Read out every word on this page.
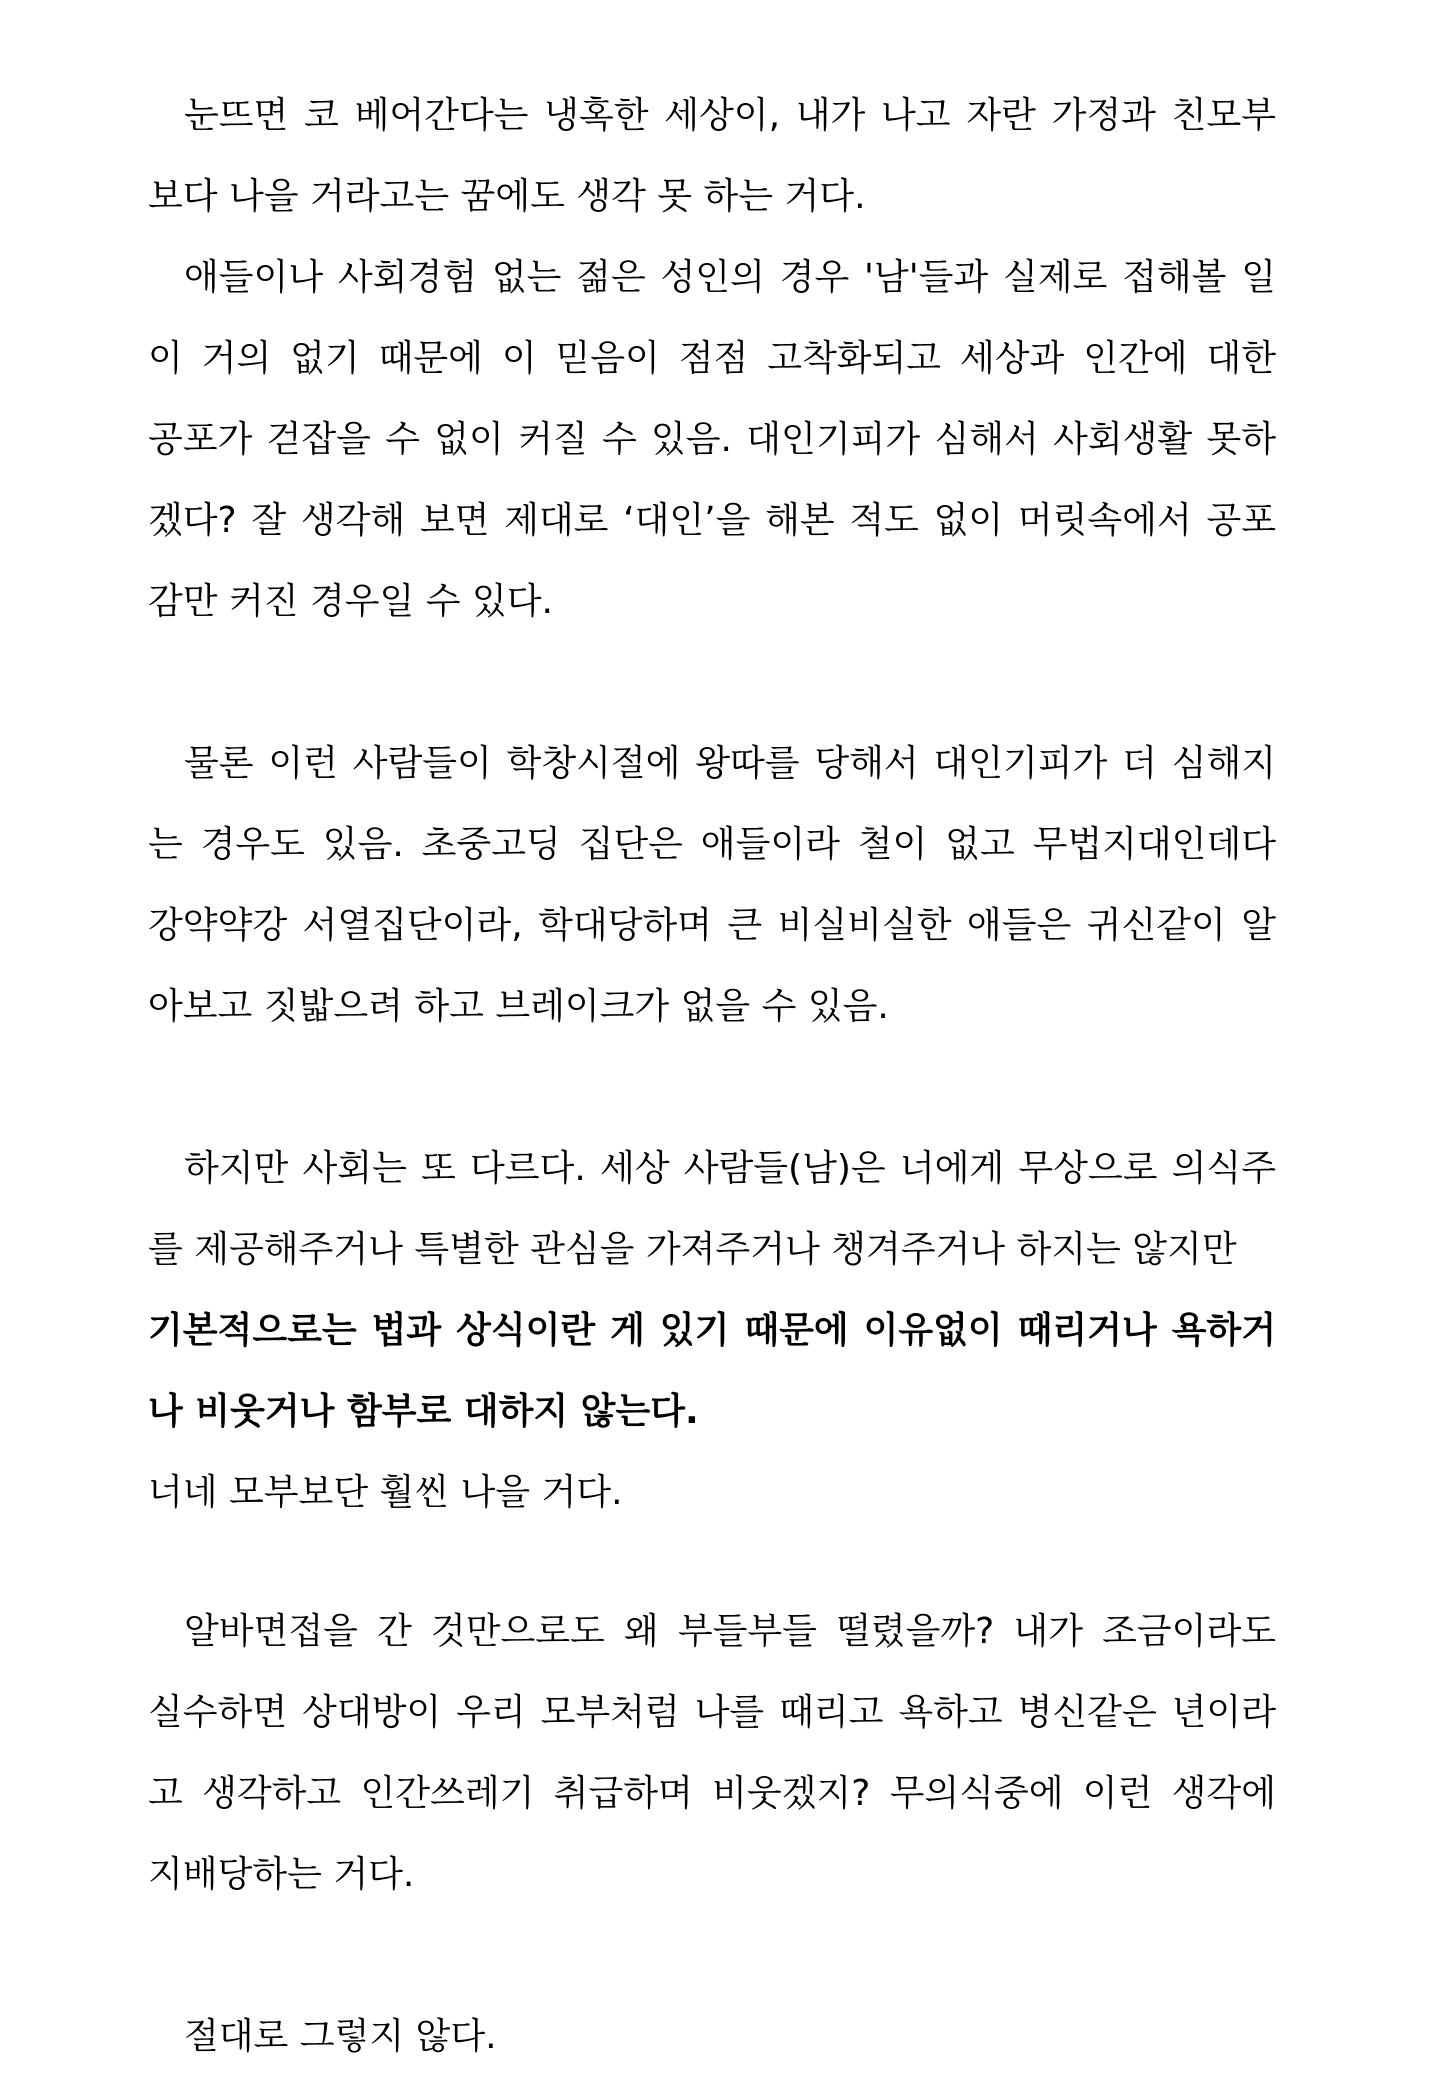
눈뜨면 코 베어간다는 냉혹한 세상이, 내가 나고 자란 가정과 친모부
보다 나을 거라고는 꿈에도 생각 못 하는 거다.
애들이나 사회경험 없는 젊은 성인의 경우 '남'들과 실제로 접해볼 일
이 거의 없기 때문에 이 믿음이 점점 고착화되고 세상과 인간에 대한
공포가 걷잡을 수 없이 커질 수 있음. 대인기피가 심해서 사회생활 못하
겠다? 잘 생각해 보면 제대로 ‘대인’을 해본 적도 없이 머릿속에서 공포
감만 커진 경우일 수 있다.
물론 이런 사람들이 학창시절에 왕따를 당해서 대인기피가 더 심해지
는 경우도 있음. 초중고딩 집단은 애들이라 철이 없고 무법지대인데다
강약약강 서열집단이라, 학대당하며 큰 비실비실한 애들은 귀신같이 알
아보고 짓밟으려 하고 브레이크가 없을 수 있음.
하지만 사회는 또 다르다. 세상 사람들(남)은 너에게 무상으로 의식주
를 제공해주거나 특별한 관심을 가져주거나 챙겨주거나 하지는 않지만
기본적으로는 법과 상식이란 게 있기 때문에 이유없이 때리거나 욕하거
나 비웃거나 함부로 대하지 않는다.
너네 모부보단 훨씬 나을 거다.
알바면접을 간 것만으로도 왜 부들부들 떨렸을까? 내가 조금이라도
실수하면 상대방이 우리 모부처럼 나를 때리고 욕하고 병신같은 년이라
고 생각하고 인간쓰레기 취급하며 비웃겠지? 무의식중에 이런 생각에
지배당하는 거다.
절대로 그렇지 않다.
